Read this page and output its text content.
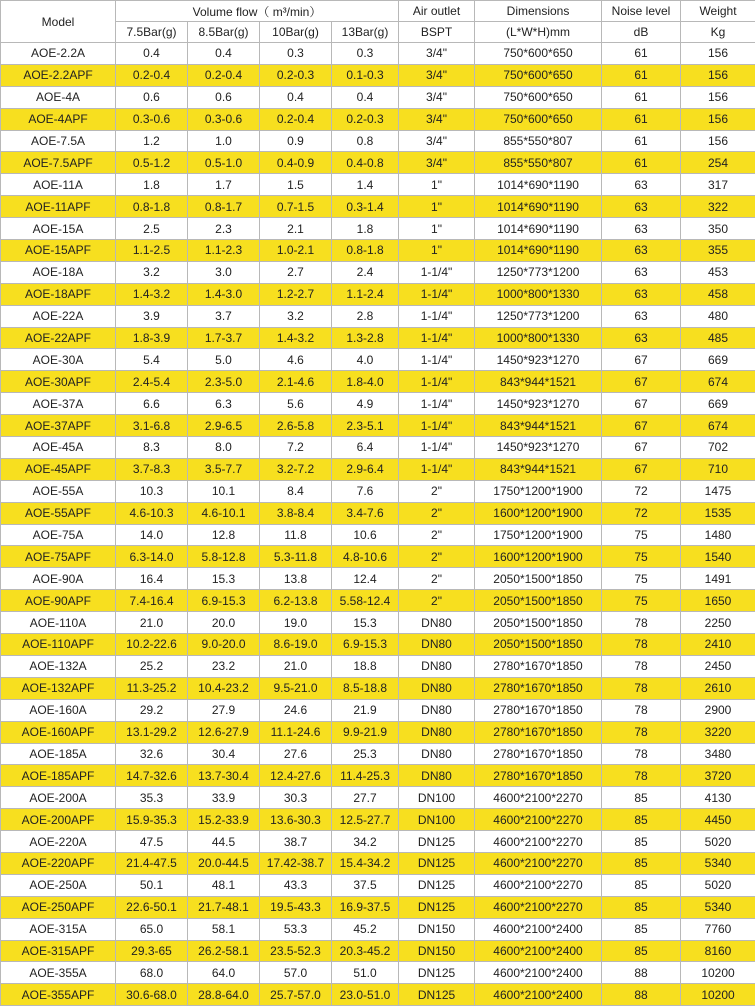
Model	Volume flow（ m³/min）				Air outlet	Dimensions	Noise level	Weight
	7.5Bar(g)	8.5Bar(g)	10Bar(g)	13Bar(g)	BSPT	(L*W*H)mm	dB	Kg
AOE-2.2A	0.4	0.4	0.3	0.3	3/4"	750*600*650	61	156
AOE-2.2APF	0.2-0.4	0.2-0.4	0.2-0.3	0.1-0.3	3/4"	750*600*650	61	156
AOE-4A	0.6	0.6	0.4	0.4	3/4"	750*600*650	61	156
AOE-4APF	0.3-0.6	0.3-0.6	0.2-0.4	0.2-0.3	3/4"	750*600*650	61	156
AOE-7.5A	1.2	1.0	0.9	0.8	3/4"	855*550*807	61	156
AOE-7.5APF	0.5-1.2	0.5-1.0	0.4-0.9	0.4-0.8	3/4"	855*550*807	61	254
AOE-11A	1.8	1.7	1.5	1.4	1"	1014*690*1190	63	317
AOE-11APF	0.8-1.8	0.8-1.7	0.7-1.5	0.3-1.4	1"	1014*690*1190	63	322
AOE-15A	2.5	2.3	2.1	1.8	1"	1014*690*1190	63	350
AOE-15APF	1.1-2.5	1.1-2.3	1.0-2.1	0.8-1.8	1"	1014*690*1190	63	355
AOE-18A	3.2	3.0	2.7	2.4	1-1/4"	1250*773*1200	63	453
AOE-18APF	1.4-3.2	1.4-3.0	1.2-2.7	1.1-2.4	1-1/4"	1000*800*1330	63	458
AOE-22A	3.9	3.7	3.2	2.8	1-1/4"	1250*773*1200	63	480
AOE-22APF	1.8-3.9	1.7-3.7	1.4-3.2	1.3-2.8	1-1/4"	1000*800*1330	63	485
AOE-30A	5.4	5.0	4.6	4.0	1-1/4"	1450*923*1270	67	669
AOE-30APF	2.4-5.4	2.3-5.0	2.1-4.6	1.8-4.0	1-1/4"	843*944*1521	67	674
AOE-37A	6.6	6.3	5.6	4.9	1-1/4"	1450*923*1270	67	669
AOE-37APF	3.1-6.8	2.9-6.5	2.6-5.8	2.3-5.1	1-1/4"	843*944*1521	67	674
AOE-45A	8.3	8.0	7.2	6.4	1-1/4"	1450*923*1270	67	702
AOE-45APF	3.7-8.3	3.5-7.7	3.2-7.2	2.9-6.4	1-1/4"	843*944*1521	67	710
AOE-55A	10.3	10.1	8.4	7.6	2"	1750*1200*1900	72	1475
AOE-55APF	4.6-10.3	4.6-10.1	3.8-8.4	3.4-7.6	2"	1600*1200*1900	72	1535
AOE-75A	14.0	12.8	11.8	10.6	2"	1750*1200*1900	75	1480
AOE-75APF	6.3-14.0	5.8-12.8	5.3-11.8	4.8-10.6	2"	1600*1200*1900	75	1540
AOE-90A	16.4	15.3	13.8	12.4	2"	2050*1500*1850	75	1491
AOE-90APF	7.4-16.4	6.9-15.3	6.2-13.8	5.58-12.4	2"	2050*1500*1850	75	1650
AOE-110A	21.0	20.0	19.0	15.3	DN80	2050*1500*1850	78	2250
AOE-110APF	10.2-22.6	9.0-20.0	8.6-19.0	6.9-15.3	DN80	2050*1500*1850	78	2410
AOE-132A	25.2	23.2	21.0	18.8	DN80	2780*1670*1850	78	2450
AOE-132APF	11.3-25.2	10.4-23.2	9.5-21.0	8.5-18.8	DN80	2780*1670*1850	78	2610
AOE-160A	29.2	27.9	24.6	21.9	DN80	2780*1670*1850	78	2900
AOE-160APF	13.1-29.2	12.6-27.9	11.1-24.6	9.9-21.9	DN80	2780*1670*1850	78	3220
AOE-185A	32.6	30.4	27.6	25.3	DN80	2780*1670*1850	78	3480
AOE-185APF	14.7-32.6	13.7-30.4	12.4-27.6	11.4-25.3	DN80	2780*1670*1850	78	3720
AOE-200A	35.3	33.9	30.3	27.7	DN100	4600*2100*2270	85	4130
AOE-200APF	15.9-35.3	15.2-33.9	13.6-30.3	12.5-27.7	DN100	4600*2100*2270	85	4450
AOE-220A	47.5	44.5	38.7	34.2	DN125	4600*2100*2270	85	5020
AOE-220APF	21.4-47.5	20.0-44.5	17.42-38.7	15.4-34.2	DN125	4600*2100*2270	85	5340
AOE-250A	50.1	48.1	43.3	37.5	DN125	4600*2100*2270	85	5020
AOE-250APF	22.6-50.1	21.7-48.1	19.5-43.3	16.9-37.5	DN125	4600*2100*2270	85	5340
AOE-315A	65.0	58.1	53.3	45.2	DN150	4600*2100*2400	85	7760
AOE-315APF	29.3-65	26.2-58.1	23.5-52.3	20.3-45.2	DN150	4600*2100*2400	85	8160
AOE-355A	68.0	64.0	57.0	51.0	DN125	4600*2100*2400	88	10200
AOE-355APF	30.6-68.0	28.8-64.0	25.7-57.0	23.0-51.0	DN125	4600*2100*2400	88	10200
